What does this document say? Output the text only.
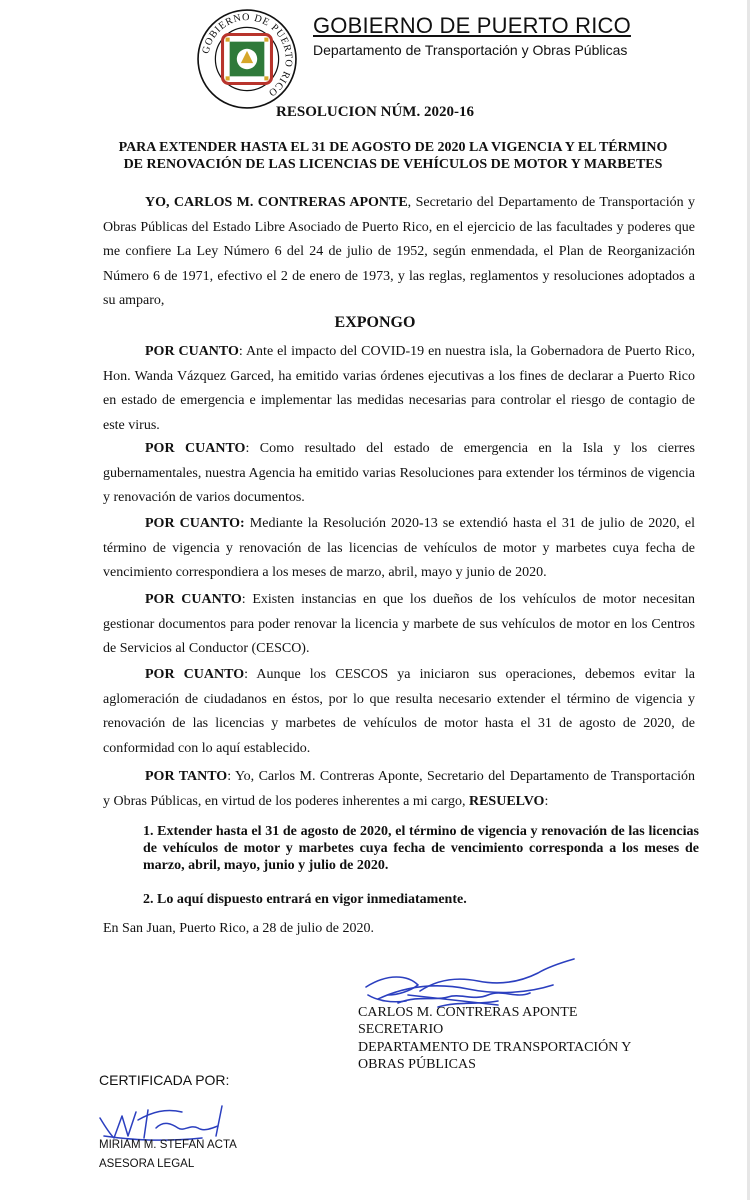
GOBIERNO DE PUERTO RICO
GOBIERNO DE PUERTO RICO
Departamento de Transportación y Obras Públicas
RESOLUCION NÚM. 2020-16
PARA EXTENDER HASTA EL 31 DE AGOSTO DE 2020 LA VIGENCIA Y EL TÉRMINO DE RENOVACIÓN DE LAS LICENCIAS DE VEHÍCULOS DE MOTOR Y MARBETES

YO, CARLOS M. CONTRERAS APONTE, Secretario del Departamento de Transportación y Obras Públicas del Estado Libre Asociado de Puerto Rico, en el ejercicio de las facultades y poderes que me confiere La Ley Número 6 del 24 de julio de 1952, según enmendada, el Plan de Reorganización Número 6 de 1971, efectivo el 2 de enero de 1973, y las reglas, reglamentos y resoluciones adoptados a su amparo,

EXPONGO

POR CUANTO: Ante el impacto del COVID-19 en nuestra isla, la Gobernadora de Puerto Rico, Hon. Wanda Vázquez Garced, ha emitido varias órdenes ejecutivas a los fines de declarar a Puerto Rico en estado de emergencia e implementar las medidas necesarias para controlar el riesgo de contagio de este virus.

POR CUANTO: Como resultado del estado de emergencia en la Isla y los cierres gubernamentales, nuestra Agencia ha emitido varias Resoluciones para extender los términos de vigencia y renovación de varios documentos.

POR CUANTO: Mediante la Resolución 2020-13 se extendió hasta el 31 de julio de 2020, el término de vigencia y renovación de las licencias de vehículos de motor y marbetes cuya fecha de vencimiento correspondiera a los meses de marzo, abril, mayo y junio de 2020.

POR CUANTO: Existen instancias en que los dueños de los vehículos de motor necesitan gestionar documentos para poder renovar la licencia y marbete de sus vehículos de motor en los Centros de Servicios al Conductor (CESCO).

POR CUANTO: Aunque los CESCOS ya iniciaron sus operaciones, debemos evitar la aglomeración de ciudadanos en éstos, por lo que resulta necesario extender el término de vigencia y renovación de las licencias y marbetes de vehículos de motor hasta el 31 de agosto de 2020, de conformidad con lo aquí establecido.

POR TANTO: Yo, Carlos M. Contreras Aponte, Secretario del Departamento de Transportación y Obras Públicas, en virtud de los poderes inherentes a mi cargo, RESUELVO:

1. Extender hasta el 31 de agosto de 2020, el término de vigencia y renovación de las licencias de vehículos de motor y marbetes cuya fecha de vencimiento corresponda a los meses de marzo, abril, mayo, junio y julio de 2020.

2. Lo aquí dispuesto entrará en vigor inmediatamente.
En San Juan, Puerto Rico, a 28 de julio de 2020.
CARLOS M. CONTRERAS APONTE
SECRETARIO
DEPARTAMENTO DE TRANSPORTACIÓN Y
OBRAS PÚBLICAS
CERTIFICADA POR:
MIRIAM M. STEFAN ACTA
ASESORA LEGAL
